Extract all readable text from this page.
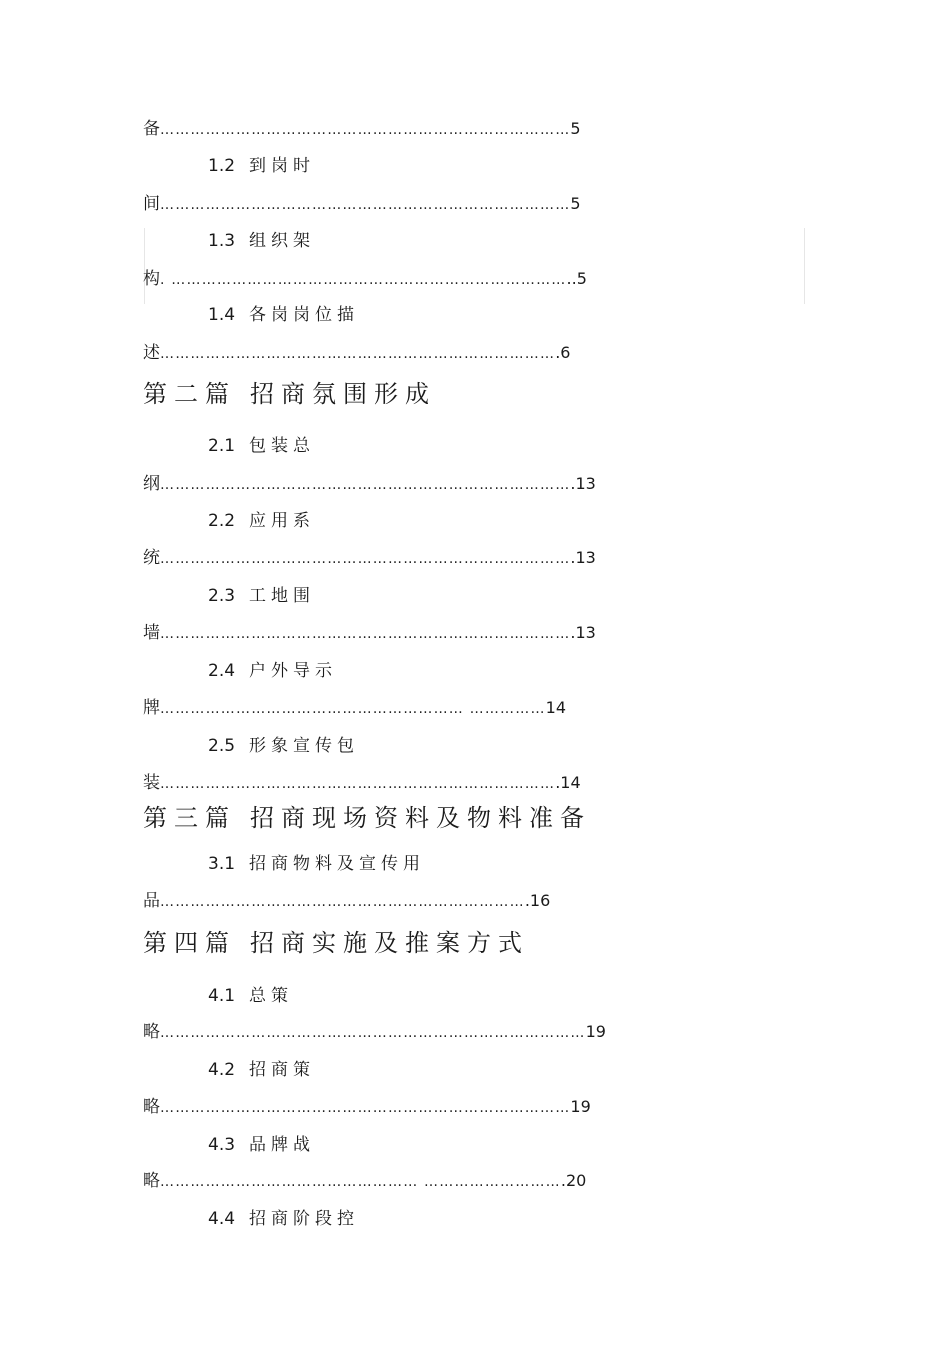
备………………………………………………………………………5
1.2 到岗时
间………………………………………………………………………5
1.3 组织架
构. ……………………………………………………………………..5
1.4 各岗岗位描
述…………………………………………………………………….6
第二篇 招商氛围形成
2.1 包装总
纲……………………………………………………………………….13
2.2 应用系
统……………………………………………………………………….13
2.3 工地围
墙……………………………………………………………………….13
2.4 户外导示
牌…………………………………………………… ……………14
2.5 形象宣传包
装…………………………………………………………………….14
第三篇 招商现场资料及物料准备
3.1 招商物料及宣传用
品……………………………………………………………….16
第四篇 招商实施及推案方式
4.1 总策
略…………………………………………………………………………19
4.2 招商策
略………………………………………………………………………19
4.3 品牌战
略…………………………………………… ……………………….20
4.4 招商阶段控
